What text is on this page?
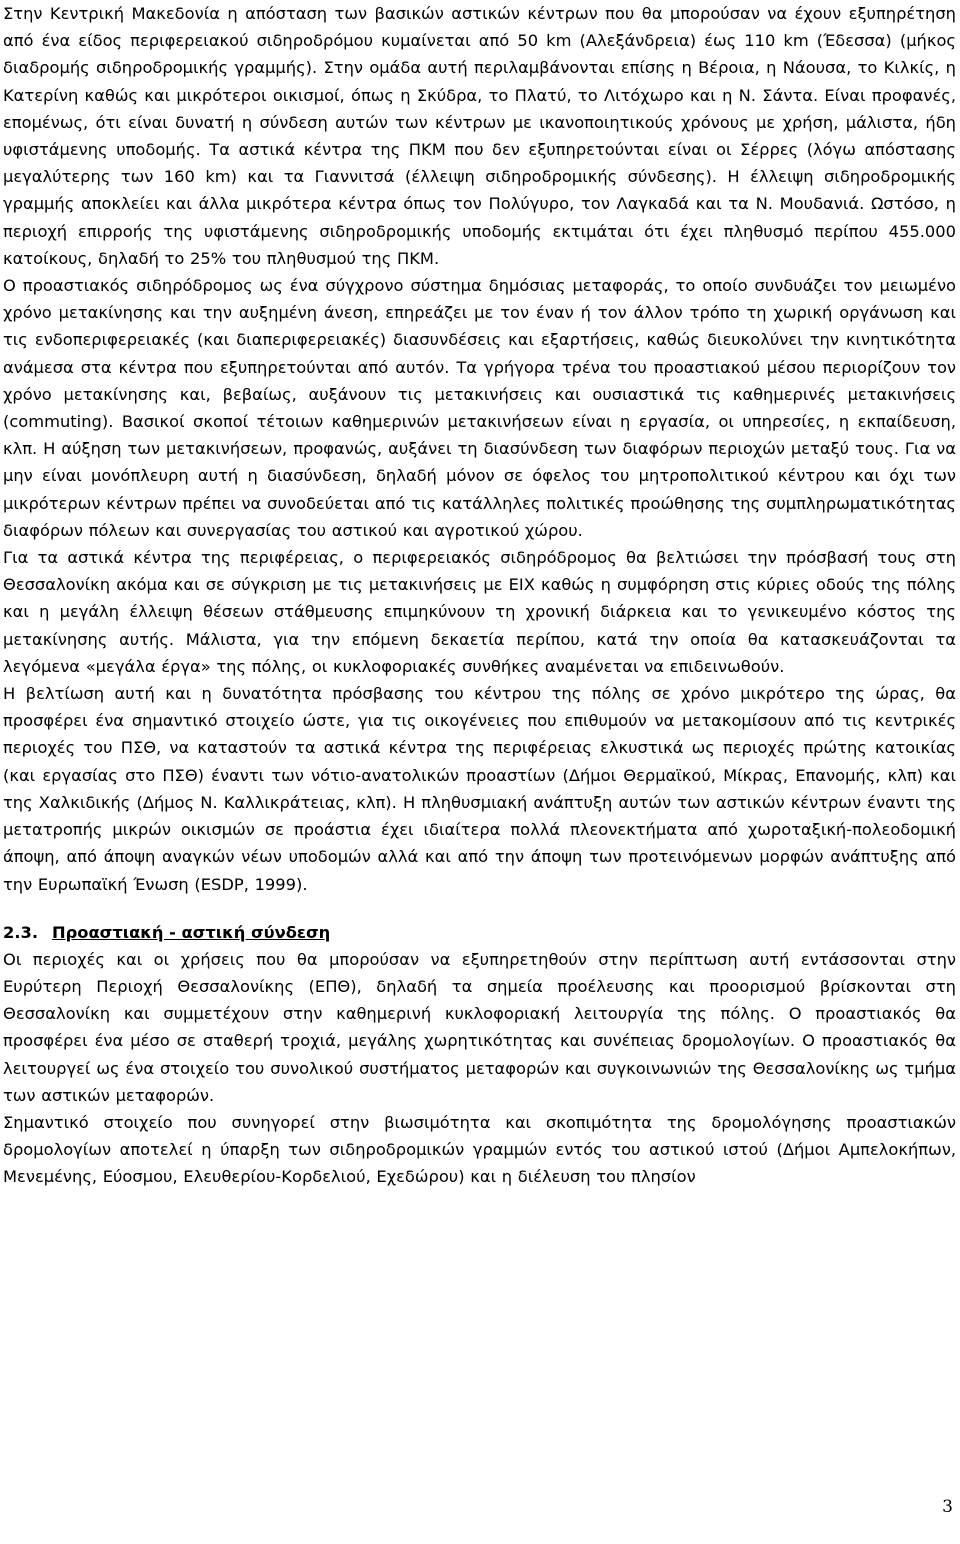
Στην Κεντρική Μακεδονία η απόσταση των βασικών αστικών κέντρων που θα μπορούσαν να έχουν εξυπηρέτηση από ένα είδος περιφερειακού σιδηροδρόμου κυμαίνεται από 50 km (Αλεξάνδρεια) έως 110 km (Έδεσσα) (μήκος διαδρομής σιδηροδρομικής γραμμής). Στην ομάδα αυτή περιλαμβάνονται επίσης η Βέροια, η Νάουσα, το Κιλκίς, η Κατερίνη καθώς και μικρότεροι οικισμοί, όπως η Σκύδρα, το Πλατύ, το Λιτόχωρο και η Ν. Σάντα. Είναι προφανές, επομένως, ότι είναι δυνατή η σύνδεση αυτών των κέντρων με ικανοποιητικούς χρόνους με χρήση, μάλιστα, ήδη υφιστάμενης υποδομής. Τα αστικά κέντρα της ΠΚΜ που δεν εξυπηρετούνται είναι οι Σέρρες (λόγω απόστασης μεγαλύτερης των 160 km) και τα Γιαννιτσά (έλλειψη σιδηροδρομικής σύνδεσης). Η έλλειψη σιδηροδρομικής γραμμής αποκλείει και άλλα μικρότερα κέντρα όπως τον Πολύγυρο, τον Λαγκαδά και τα Ν. Μουδανιά. Ωστόσο, η περιοχή επιρροής της υφιστάμενης σιδηροδρομικής υποδομής εκτιμάται ότι έχει πληθυσμό περίπου 455.000 κατοίκους, δηλαδή το 25% του πληθυσμού της ΠΚΜ.

Ο προαστιακός σιδηρόδρομος ως ένα σύγχρονο σύστημα δημόσιας μεταφοράς, το οποίο συνδυάζει τον μειωμένο χρόνο μετακίνησης και την αυξημένη άνεση, επηρεάζει με τον έναν ή τον άλλον τρόπο τη χωρική οργάνωση και τις ενδοπεριφερειακές (και διαπεριφερειακές) διασυνδέσεις και εξαρτήσεις, καθώς διευκολύνει την κινητικότητα ανάμεσα στα κέντρα που εξυπηρετούνται από αυτόν. Τα γρήγορα τρένα του προαστιακού μέσου περιορίζουν τον χρόνο μετακίνησης και, βεβαίως, αυξάνουν τις μετακινήσεις και ουσιαστικά τις καθημερινές μετακινήσεις (commuting). Βασικοί σκοποί τέτοιων καθημερινών μετακινήσεων είναι η εργασία, οι υπηρεσίες, η εκπαίδευση, κλπ. Η αύξηση των μετακινήσεων, προφανώς, αυξάνει τη διασύνδεση των διαφόρων περιοχών μεταξύ τους. Για να μην είναι μονόπλευρη αυτή η διασύνδεση, δηλαδή μόνον σε όφελος του μητροπολιτικού κέντρου και όχι των μικρότερων κέντρων πρέπει να συνοδεύεται από τις κατάλληλες πολιτικές προώθησης της συμπληρωματικότητας διαφόρων πόλεων και συνεργασίας του αστικού και αγροτικού χώρου.

Για τα αστικά κέντρα της περιφέρειας, ο περιφερειακός σιδηρόδρομος θα βελτιώσει την πρόσβασή τους στη Θεσσαλονίκη ακόμα και σε σύγκριση με τις μετακινήσεις με ΕΙΧ καθώς η συμφόρηση στις κύριες οδούς της πόλης και η μεγάλη έλλειψη θέσεων στάθμευσης επιμηκύνουν τη χρονική διάρκεια και το γενικευμένο κόστος της μετακίνησης αυτής. Μάλιστα, για την επόμενη δεκαετία περίπου, κατά την οποία θα κατασκευάζονται τα λεγόμενα «μεγάλα έργα» της πόλης, οι κυκλοφοριακές συνθήκες αναμένεται να επιδεινωθούν.

Η βελτίωση αυτή και η δυνατότητα πρόσβασης του κέντρου της πόλης σε χρόνο μικρότερο της ώρας, θα προσφέρει ένα σημαντικό στοιχείο ώστε, για τις οικογένειες που επιθυμούν να μετακομίσουν από τις κεντρικές περιοχές του ΠΣΘ, να καταστούν τα αστικά κέντρα της περιφέρειας ελκυστικά ως περιοχές πρώτης κατοικίας (και εργασίας στο ΠΣΘ) έναντι των νότιο-ανατολικών προαστίων (Δήμοι Θερμαϊκού, Μίκρας, Επανομής, κλπ) και της Χαλκιδικής (Δήμος Ν. Καλλικράτειας, κλπ). Η πληθυσμιακή ανάπτυξη αυτών των αστικών κέντρων έναντι της μετατροπής μικρών οικισμών σε προάστια έχει ιδιαίτερα πολλά πλεονεκτήματα από χωροταξική-πολεοδομική άποψη, από άποψη αναγκών νέων υποδομών αλλά και από την άποψη των προτεινόμενων μορφών ανάπτυξης από την Ευρωπαϊκή Ένωση (ESDP, 1999).

2.3. Προαστιακή - αστική σύνδεση

Οι περιοχές και οι χρήσεις που θα μπορούσαν να εξυπηρετηθούν στην περίπτωση αυτή εντάσσονται στην Ευρύτερη Περιοχή Θεσσαλονίκης (ΕΠΘ), δηλαδή τα σημεία προέλευσης και προορισμού βρίσκονται στη Θεσσαλονίκη και συμμετέχουν στην καθημερινή κυκλοφοριακή λειτουργία της πόλης. Ο προαστιακός θα προσφέρει ένα μέσο σε σταθερή τροχιά, μεγάλης χωρητικότητας και συνέπειας δρομολογίων. Ο προαστιακός θα λειτουργεί ως ένα στοιχείο του συνολικού συστήματος μεταφορών και συγκοινωνιών της Θεσσαλονίκης ως τμήμα των αστικών μεταφορών.

Σημαντικό στοιχείο που συνηγορεί στην βιωσιμότητα και σκοπιμότητα της δρομολόγησης προαστιακών δρομολογίων αποτελεί η ύπαρξη των σιδηροδρομικών γραμμών εντός του αστικού ιστού (Δήμοι Αμπελοκήπων, Μενεμένης, Εύοσμου, Ελευθερίου-Κορδελιού, Εχεδώρου) και η διέλευση του πλησίον

3
